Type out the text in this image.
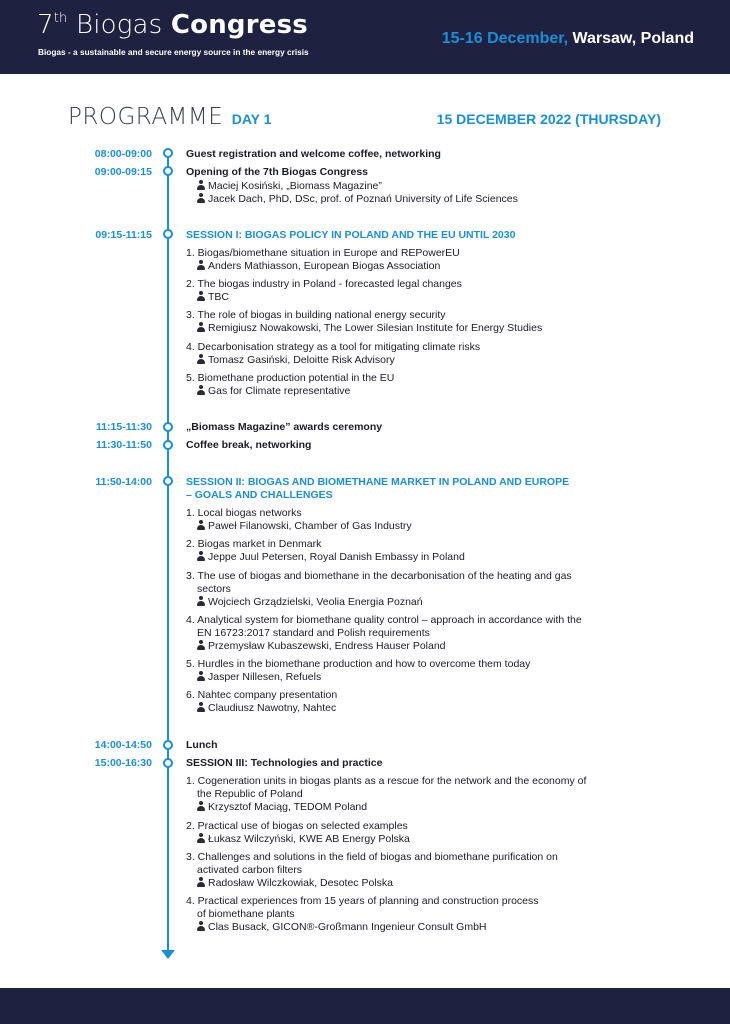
7th Biogas Congress
Biogas - a sustainable and secure energy source in the energy crisis
15-16 December, Warsaw, Poland
PROGRAMME DAY 1	15 DECEMBER 2022 (THURSDAY)
08:00-09:00	Guest registration and welcome coffee, networking
09:00-09:15	Opening of the 7th Biogas Congress
Maciej Kosiński, „Biomass Magazine”
Jacek Dach, PhD, DSc, prof. of Poznań University of Life Sciences
09:15-11:15	SESSION I: BIOGAS POLICY IN POLAND AND THE EU UNTIL 2030
1. Biogas/biomethane situation in Europe and REPowerEU
Anders Mathiasson, European Biogas Association
2. The biogas industry in Poland - forecasted legal changes
TBC
3. The role of biogas in building national energy security
Remigiusz Nowakowski, The Lower Silesian Institute for Energy Studies
4. Decarbonisation strategy as a tool for mitigating climate risks
Tomasz Gasiński, Deloitte Risk Advisory
5. Biomethane production potential in the EU
Gas for Climate representative
11:15-11:30	„Biomass Magazine” awards ceremony
11:30-11:50	Coffee break, networking
11:50-14:00	SESSION II: BIOGAS AND BIOMETHANE MARKET IN POLAND AND EUROPE
– GOALS AND CHALLENGES
1. Local biogas networks
Paweł Filanowski, Chamber of Gas Industry
2. Biogas market in Denmark
Jeppe Juul Petersen, Royal Danish Embassy in Poland
3. The use of biogas and biomethane in the decarbonisation of the heating and gas
sectors
Wojciech Grządzielski, Veolia Energia Poznań
4. Analytical system for biomethane quality control – approach in accordance with the
EN 16723:2017 standard and Polish requirements
Przemysław Kubaszewski, Endress Hauser Poland
5. Hurdles in the biomethane production and how to overcome them today
Jasper Nillesen, Refuels
6. Nahtec company presentation
Claudiusz Nawotny, Nahtec
14:00-14:50	Lunch
15:00-16:30	SESSION III: Technologies and practice
1. Cogeneration units in biogas plants as a rescue for the network and the economy of
the Republic of Poland
Krzysztof Maciąg, TEDOM Poland
2. Practical use of biogas on selected examples
Łukasz Wilczyński, KWE AB Energy Polska
3. Challenges and solutions in the field of biogas and biomethane purification on
activated carbon filters
Radosław Wilczkowiak, Desotec Polska
4. Practical experiences from 15 years of planning and construction process
of biomethane plants
Clas Busack, GICON®-Großmann Ingenieur Consult GmbH
